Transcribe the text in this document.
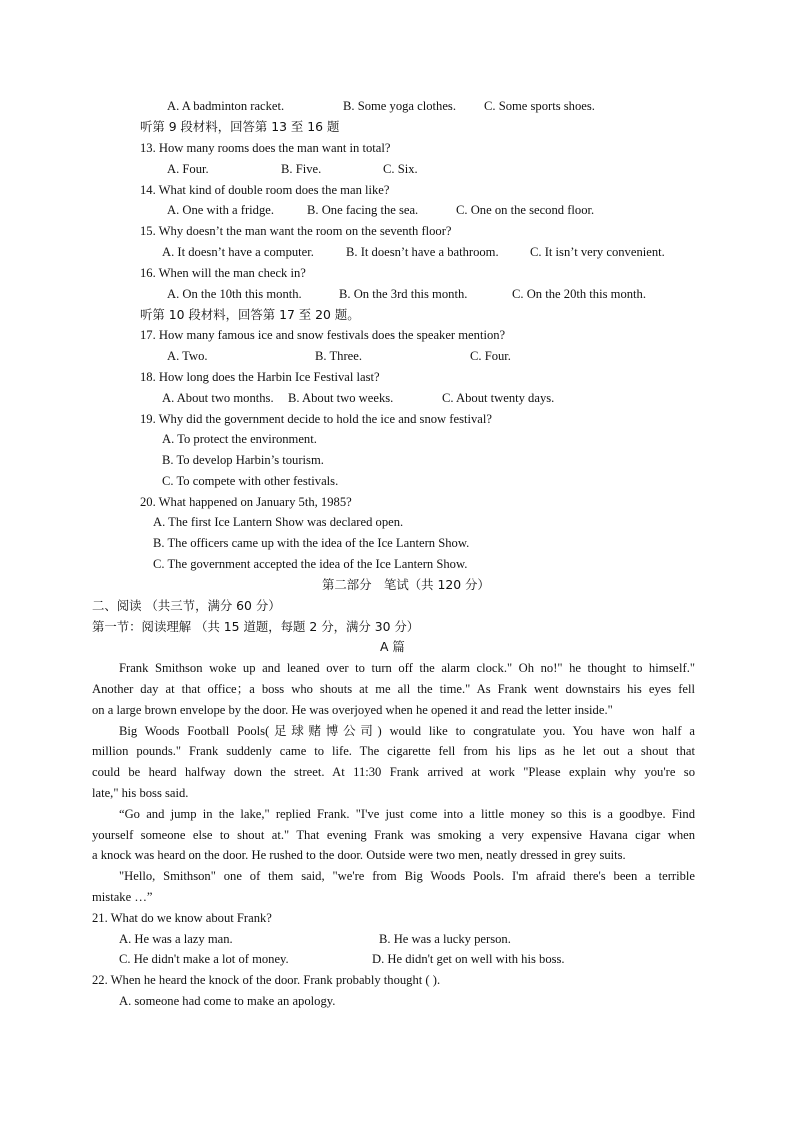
A. A badminton racket.	B. Some yoga clothes. C. Some sports shoes.
听第 9 段材料，回答第 13 至 16 题
13. How many rooms does the man want in total?
A. Four.	B. Five.	C. Six.
14. What kind of double room does the man like?
A. One with a fridge.	B. One facing the sea.	C. One on the second floor.
15. Why doesn’t the man want the room on the seventh floor?
A. It doesn’t have a computer.	B. It doesn’t have a bathroom. C. It isn’t very convenient.
16. When will the man check in?
A. On the 10th this month.	B. On the 3rd this month.	C. On the 20th this month.
听第 10 段材料，回答第 17 至 20 题。
17. How many famous ice and snow festivals does the speaker mention?
A. Two.	B. Three.	C. Four.
18. How long does the Harbin Ice Festival last?
A. About two months. B. About two weeks.	C. About twenty days.
19. Why did the government decide to hold the ice and snow festival?
A. To protect the environment.
B. To develop Harbin’s tourism.
C. To compete with other festivals.
20. What happened on January 5th, 1985?
A. The first Ice Lantern Show was declared open.
B. The officers came up with the idea of the Ice Lantern Show.
C. The government accepted the idea of the Ice Lantern Show.
第二部分　笔试（共 120 分）
二、阅读 （共三节，满分 60 分）
第一节：阅读理解 （共 15 道题，每题 2 分，满分 30 分）
A 篇
Frank Smithson woke up and leaned over to turn off the alarm clock." Oh no!" he thought to himself."
Another day at that office；a boss who shouts at me all the time." As Frank went downstairs his eyes fell
on a large brown envelope by the door. He was overjoyed when he opened it and read the letter inside."
Big Woods Football Pools(足球赌博公司) would like to congratulate you. You have won half a
million pounds." Frank suddenly came to life. The cigarette fell from his lips as he let out a shout that
could be heard halfway down the street. At 11:30 Frank arrived at work "Please explain why you're so
late," his boss said.
“Go and jump in the lake," replied Frank. "I've just come into a little money so this is a goodbye. Find
yourself someone else to shout at." That evening Frank was smoking a very expensive Havana cigar when
a knock was heard on the door. He rushed to the door. Outside were two men, neatly dressed in grey suits.
"Hello, Smithson" one of them said, "we're from Big Woods Pools. I'm afraid there's been a terrible
mistake …”
21. What do we know about Frank?
A. He was a lazy man.	B. He was a lucky person.
C. He didn't make a lot of money.	D. He didn't get on well with his boss.
22. When he heard the knock of the door. Frank probably thought ( ).
A. someone had come to make an apology.
